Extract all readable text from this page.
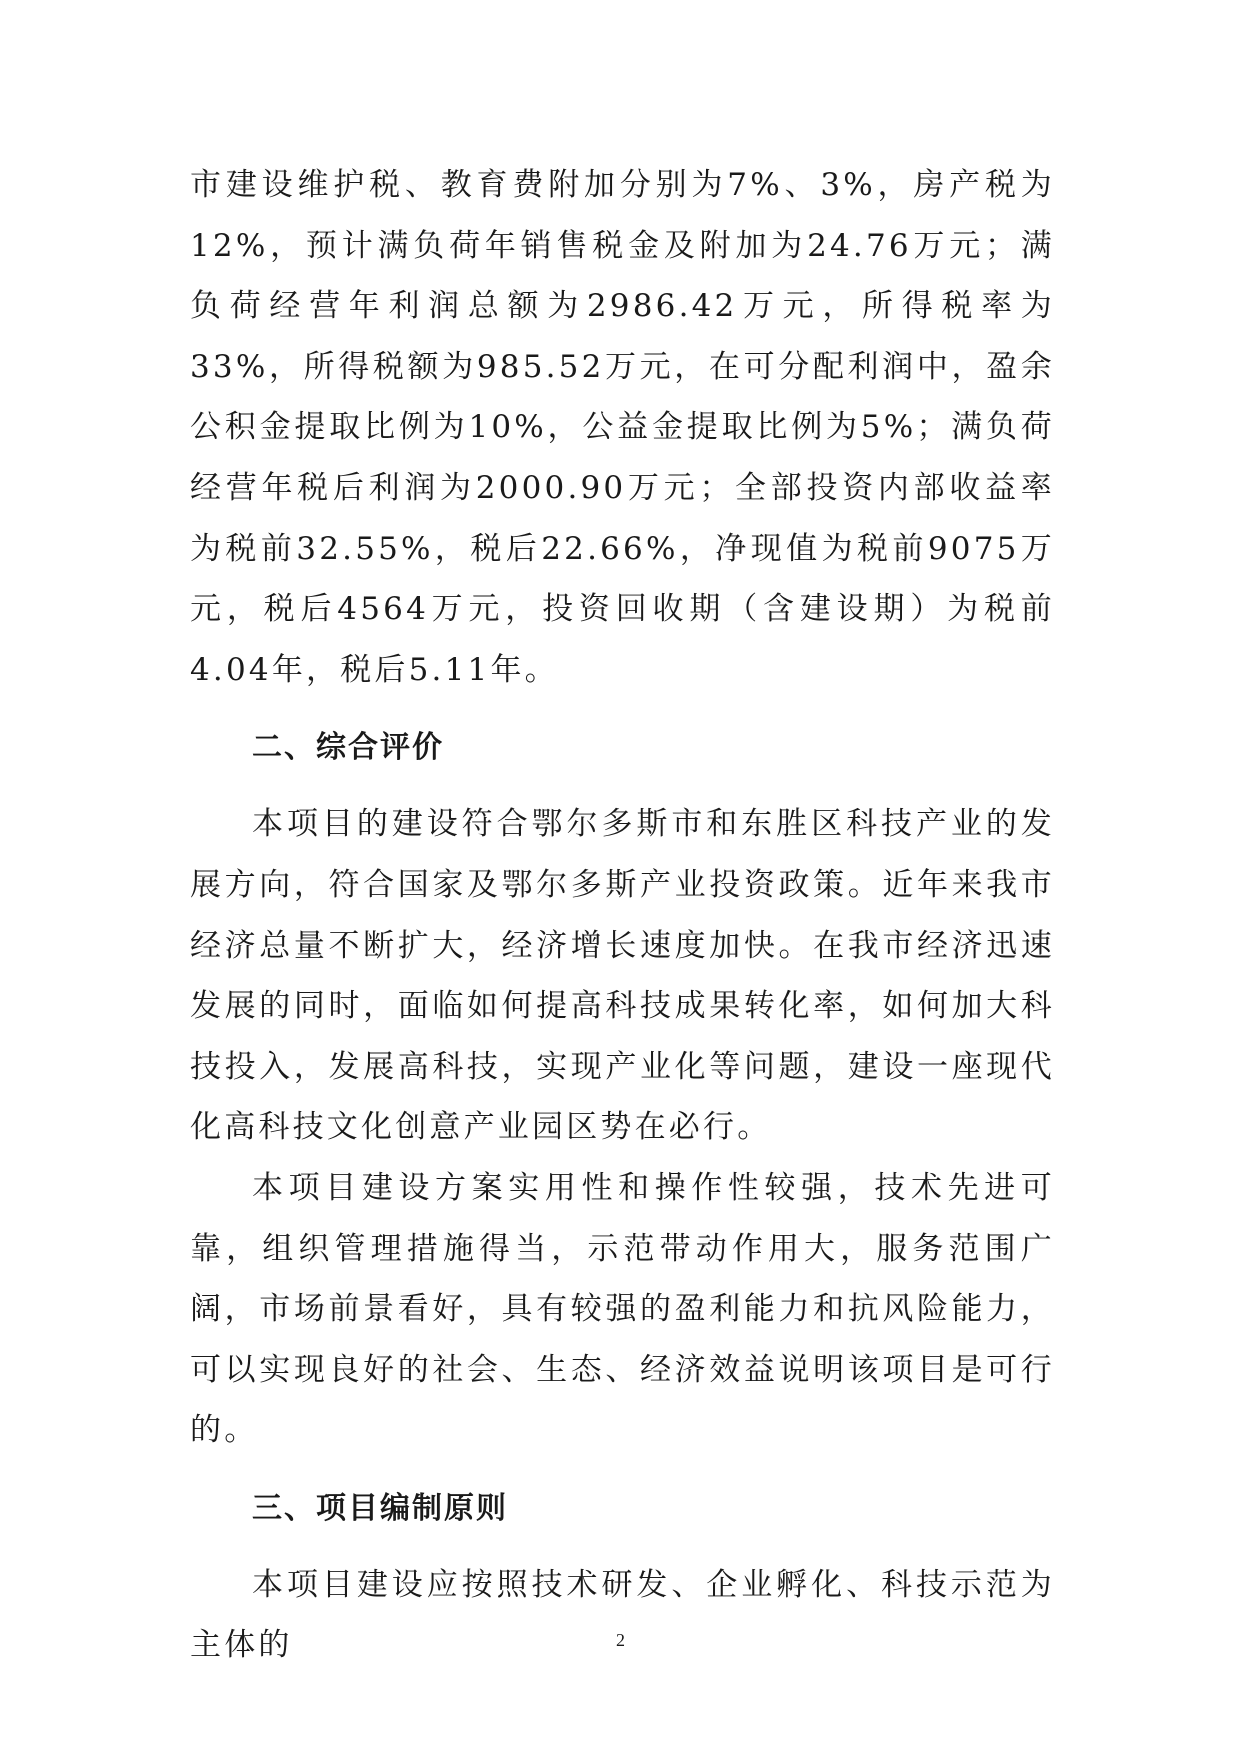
市建设维护税、教育费附加分别为7%、3%，房产税为12%，预计满负荷年销售税金及附加为24.76万元；满负荷经营年利润总额为2986.42万元，所得税率为33%，所得税额为985.52万元，在可分配利润中，盈余公积金提取比例为10%，公益金提取比例为5%；满负荷经营年税后利润为2000.90万元；全部投资内部收益率为税前32.55%，税后22.66%，净现值为税前9075万元，税后4564万元，投资回收期（含建设期）为税前4.04年，税后5.11年。

二、综合评价

本项目的建设符合鄂尔多斯市和东胜区科技产业的发展方向，符合国家及鄂尔多斯产业投资政策。近年来我市经济总量不断扩大，经济增长速度加快。在我市经济迅速发展的同时，面临如何提高科技成果转化率，如何加大科技投入，发展高科技，实现产业化等问题，建设一座现代化高科技文化创意产业园区势在必行。

本项目建设方案实用性和操作性较强，技术先进可靠，组织管理措施得当，示范带动作用大，服务范围广阔，市场前景看好，具有较强的盈利能力和抗风险能力，可以实现良好的社会、生态、经济效益说明该项目是可行的。

三、项目编制原则

本项目建设应按照技术研发、企业孵化、科技示范为主体的	2
